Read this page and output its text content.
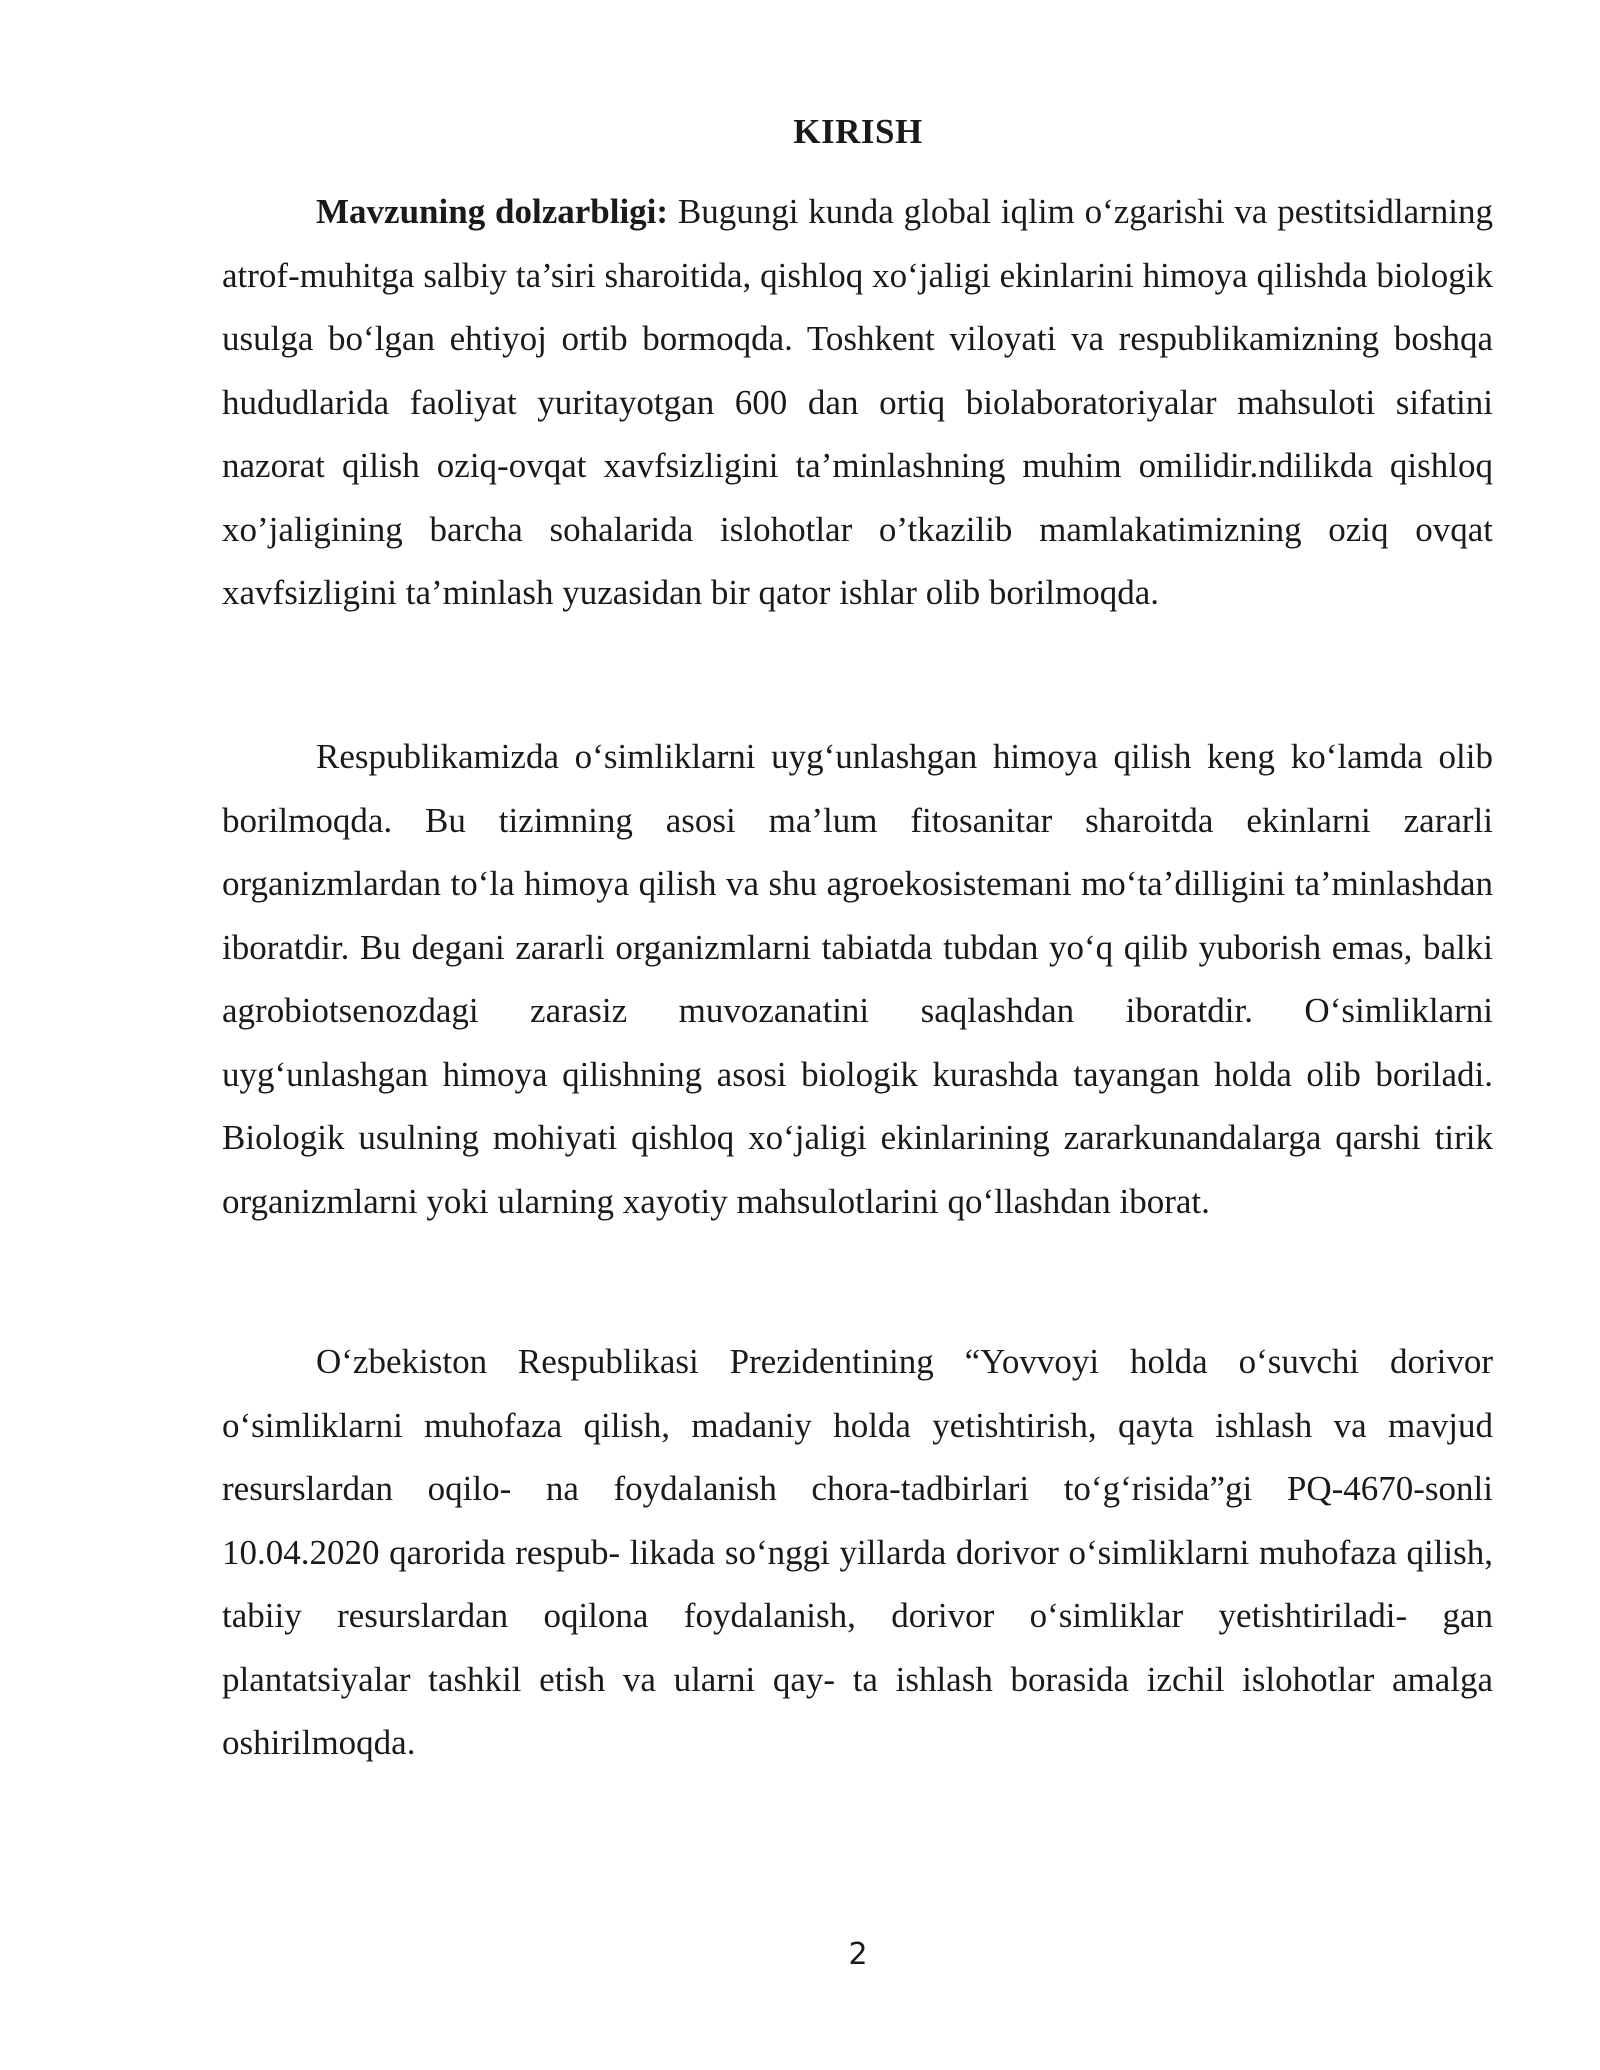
KIRISH

Mavzuning dolzarbligi: Bugungi kunda global iqlim o‘zgarishi va pestitsidlarning atrof-muhitga salbiy ta’siri sharoitida, qishloq xo‘jaligi ekinlarini himoya qilishda biologik usulga bo‘lgan ehtiyoj ortib bormoqda. Toshkent viloyati va respublikamizning boshqa hududlarida faoliyat yuritayotgan 600 dan ortiq biolaboratoriyalar mahsuloti sifatini nazorat qilish oziq-ovqat xavfsizligini ta’minlashning muhim omilidir.ndilikda qishloq xo’jaligining barcha sohalarida islohotlar o’tkazilib mamlakatimizning oziq ovqat xavfsizligini ta’minlash yuzasidan bir qator ishlar olib borilmoqda.

Respublikamizda o‘simliklarni uyg‘unlashgan himoya qilish keng ko‘lamda olib borilmoqda. Bu tizimning asosi ma’lum fitosanitar sharoitda ekinlarni zararli organizmlardan to‘la himoya qilish va shu agroekosistemani mo‘ta’dilligini ta’minlashdan iboratdir. Bu degani zararli organizmlarni tabiatda tubdan yo‘q qilib yuborish emas, balki agrobiotsenozdagi zarasiz muvozanatini saqlashdan iboratdir. O‘simliklarni uyg‘unlashgan himoya qilishning asosi biologik kurashda tayangan holda olib boriladi. Biologik usulning mohiyati qishloq xo‘jaligi ekinlarining zararkunandalarga qarshi tirik organizmlarni yoki ularning xayotiy mahsulotlarini qo‘llashdan iborat.

O‘zbekiston Respublikasi Prezidentining “Yovvoyi holda o‘suvchi dorivor o‘simliklarni muhofaza qilish, madaniy holda yetishtirish, qayta ishlash va mavjud resurslardan oqilo- na foydalanish chora-tadbirlari to‘g‘risida”gi PQ-4670-sonli 10.04.2020 qarorida respub- likada so‘nggi yillarda dorivor o‘simliklarni muhofaza qilish, tabiiy resurslardan oqilona foydalanish, dorivor o‘simliklar yetishtiriladi- gan plantatsiyalar tashkil etish va ularni qay- ta ishlash borasida izchil islohotlar amalga oshirilmoqda.

2
